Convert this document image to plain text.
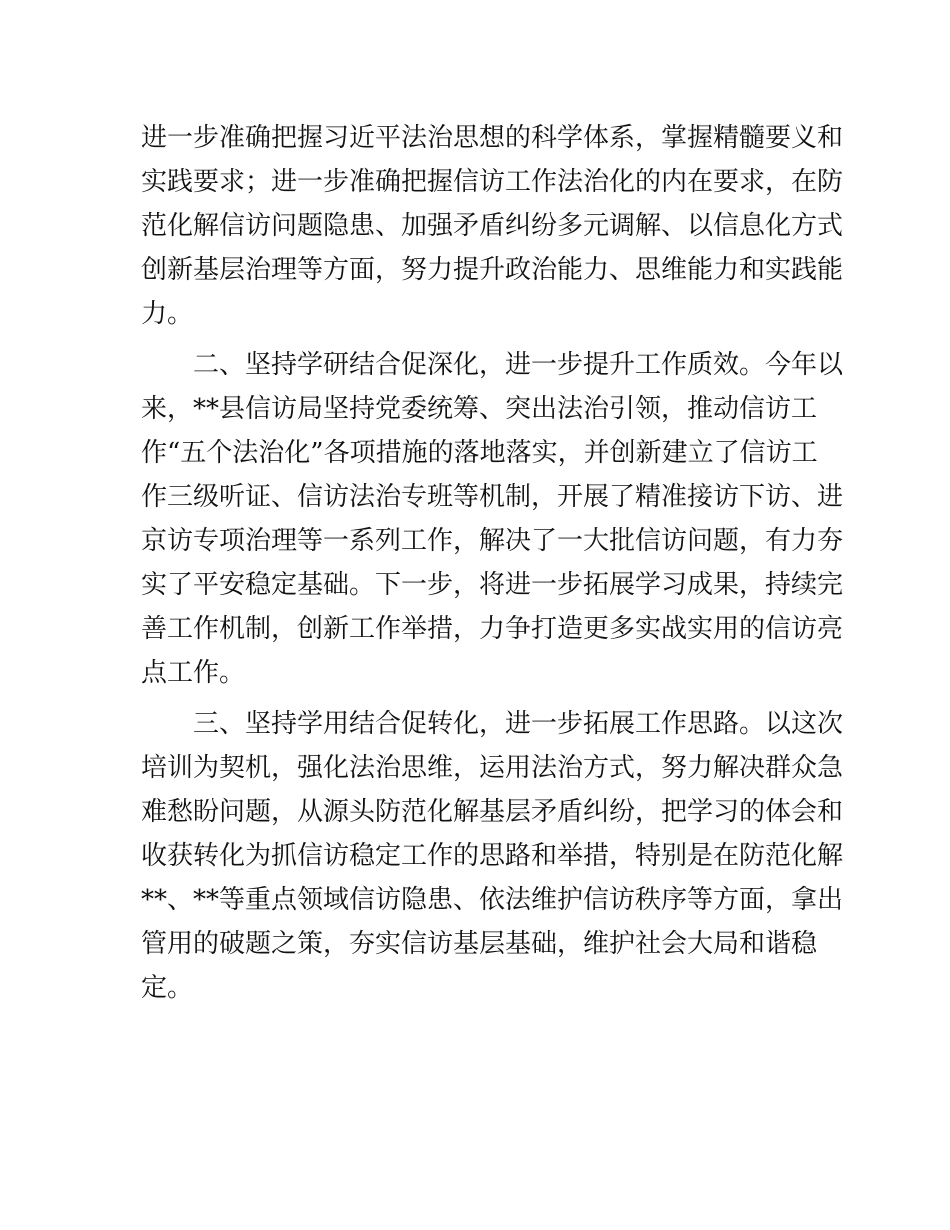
进一步准确把握习近平法治思想的科学体系，掌握精髓要义和
实践要求；进一步准确把握信访工作法治化的内在要求，在防
范化解信访问题隐患、加强矛盾纠纷多元调解、以信息化方式
创新基层治理等方面，努力提升政治能力、思维能力和实践能
力。
二、坚持学研结合促深化，进一步提升工作质效。今年以
来，**县信访局坚持党委统筹、突出法治引领，推动信访工
作“五个法治化”各项措施的落地落实，并创新建立了信访工
作三级听证、信访法治专班等机制，开展了精准接访下访、进
京访专项治理等一系列工作，解决了一大批信访问题，有力夯
实了平安稳定基础。下一步，将进一步拓展学习成果，持续完
善工作机制，创新工作举措，力争打造更多实战实用的信访亮
点工作。
三、坚持学用结合促转化，进一步拓展工作思路。以这次
培训为契机，强化法治思维，运用法治方式，努力解决群众急
难愁盼问题，从源头防范化解基层矛盾纠纷，把学习的体会和
收获转化为抓信访稳定工作的思路和举措，特别是在防范化解
**、**等重点领域信访隐患、依法维护信访秩序等方面，拿出
管用的破题之策，夯实信访基层基础，维护社会大局和谐稳
定。
